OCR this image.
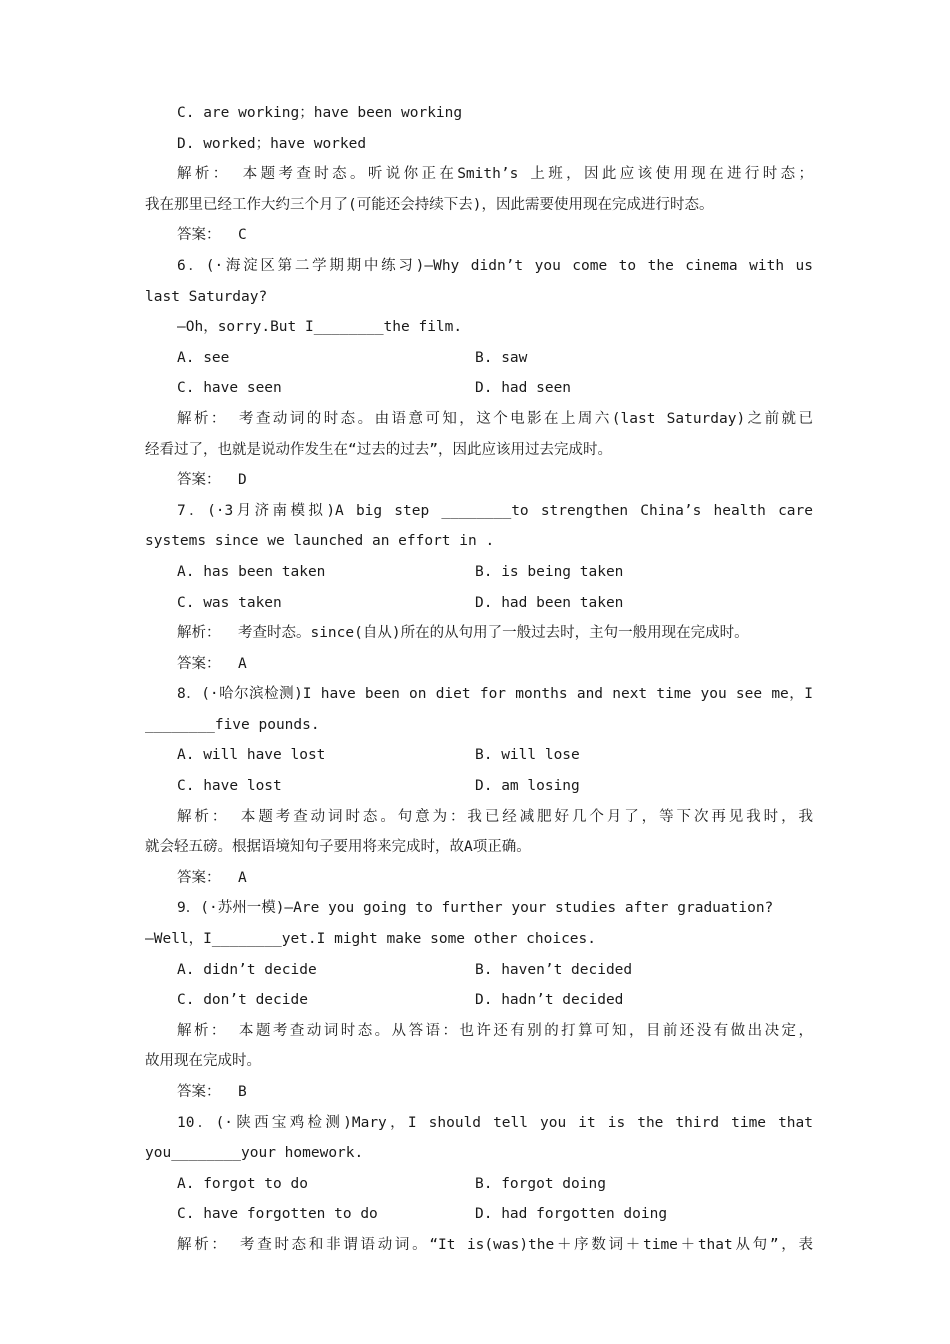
C. are working；have been working
D. worked；have worked
解析： 本题考查时态。听说你正在Smith’s 上班，因此应该使用现在进行时态；
我在那里已经工作大约三个月了(可能还会持续下去)，因此需要使用现在完成进行时态。
答案：  C
6．(·海淀区第二学期期中练习)—Why didn’t you come to the cinema with us
last Saturday?
—Oh，sorry.But I________the film.
A. see	B. saw
C. have seen	D. had seen
解析： 考查动词的时态。由语意可知，这个电影在上周六(last Saturday)之前就已
经看过了，也就是说动作发生在“过去的过去”，因此应该用过去完成时。
答案：  D
7．(·3月济南模拟)A big step ________to strengthen China’s health care
systems since we launched an effort in .
A. has been taken	B. is being taken
C. was taken	D. had been taken
解析：  考查时态。since(自从)所在的从句用了一般过去时，主句一般用现在完成时。
答案：  A
8．(·哈尔滨检测)I have been on diet for months and next time you see me，I
________five pounds.
A. will have lost	B. will lose
C. have lost	D. am losing
解析： 本题考查动词时态。句意为：我已经减肥好几个月了，等下次再见我时，我
就会轻五磅。根据语境知句子要用将来完成时，故A项正确。
答案：  A
9．(·苏州一模)—Are you going to further your studies after graduation?
—Well，I________yet.I might make some other choices.
A. didn’t decide	B. haven’t decided
C. don’t decide	D. hadn’t decided
解析： 本题考查动词时态。从答语：也许还有别的打算可知，目前还没有做出决定，
故用现在完成时。
答案：  B
10．(·陕西宝鸡检测)Mary，I should tell you it is the third time that
you________your homework.
A. forgot to do	B. forgot doing
C. have forgotten to do	D. had forgotten doing
解析： 考查时态和非谓语动词。“It is(was)the＋序数词＋time＋that从句”，表
